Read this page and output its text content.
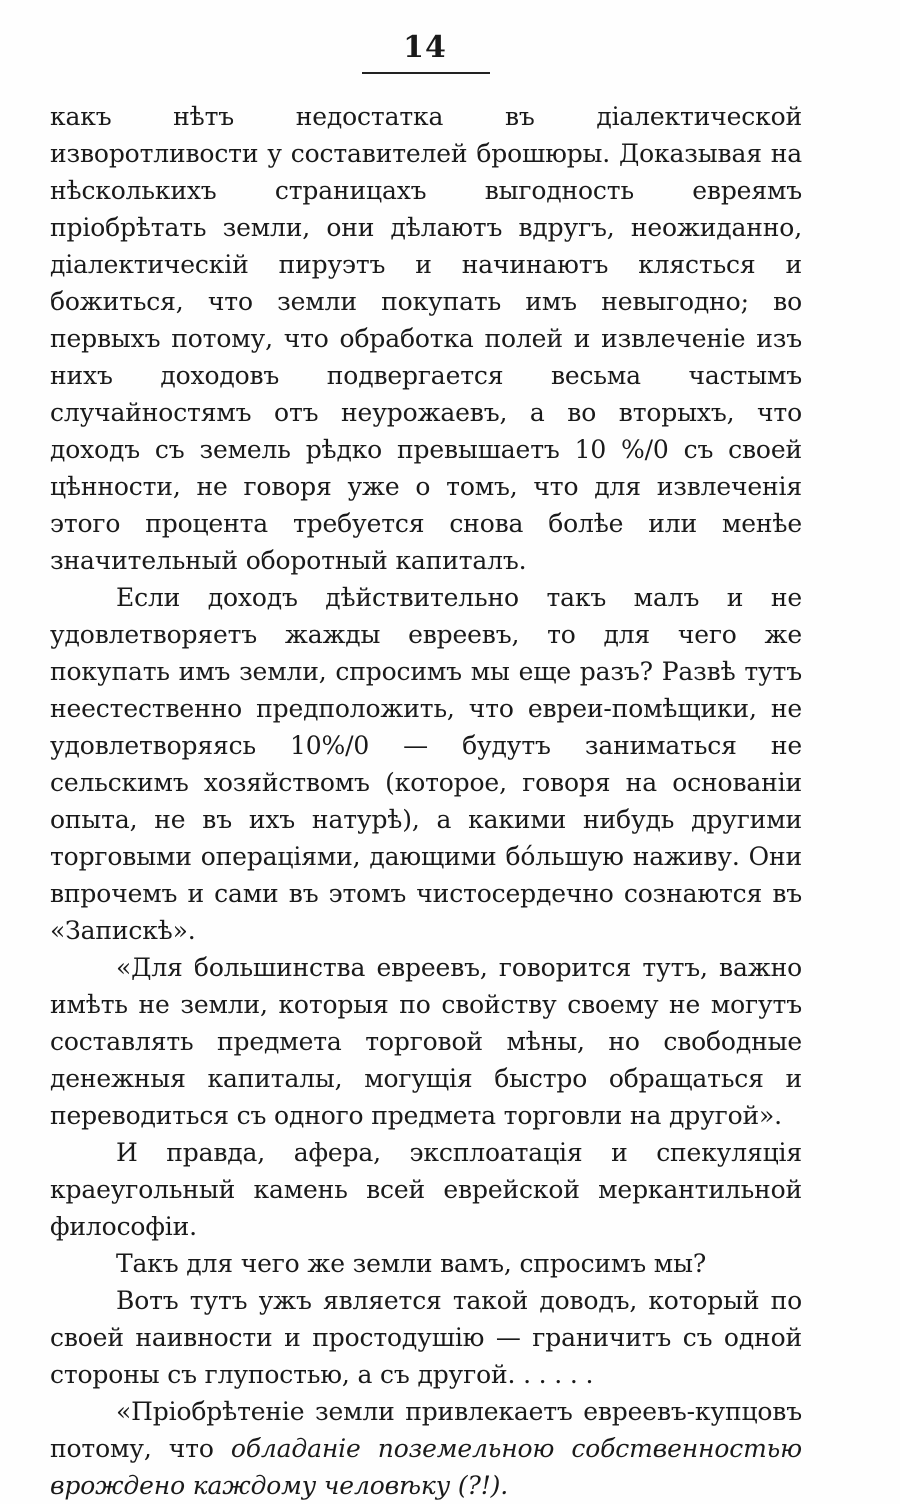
14

какъ нѣтъ недостатка въ діалектической изворотливости у составителей брошюры. Доказывая на нѣсколькихъ страницахъ выгодность евреямъ пріобрѣтать земли, они дѣлаютъ вдругъ, неожиданно, діалектическій пируэтъ и начинаютъ клясться и божиться, что земли покупать имъ невыгодно; во первыхъ потому, что обработка полей и извлеченіе изъ нихъ доходовъ подвергается весьма частымъ случайностямъ отъ неурожаевъ, а во вторыхъ, что доходъ съ земель рѣдко превышаетъ 10 %/0 съ своей цѣнности, не говоря уже о томъ, что для извлеченія этого процента требуется снова болѣе или менѣе значительный оборотный капиталъ.

Если доходъ дѣйствительно такъ малъ и не удовлетворяетъ жажды евреевъ, то для чего же покупать имъ земли, спросимъ мы еще разъ? Развѣ тутъ неестественно предположить, что евреи-помѣщики, не удовлетворяясь 10%/0 — будутъ заниматься не сельскимъ хозяйствомъ (которое, говоря на основаніи опыта, не въ ихъ натурѣ), а какими нибудь другими торговыми операціями, дающими бо́льшую наживу. Они впрочемъ и сами въ этомъ чистосердечно сознаются въ «Запискѣ».

«Для большинства евреевъ, говорится тутъ, важно имѣть не земли, которыя по свойству своему не могутъ составлять предмета торговой мѣны, но свободные денежныя капиталы, могущія быстро обращаться и переводиться съ одного предмета торговли на другой».

И правда, афера, эксплоатація и спекуляція краеугольный камень всей еврейской меркантильной философіи.

Такъ для чего же земли вамъ, спросимъ мы?

Вотъ тутъ ужъ является такой доводъ, который по своей наивности и простодушію — граничитъ съ одной стороны съ глупостью, а съ другой. . . . . .

«Пріобрѣтеніе земли привлекаетъ евреевъ-купцовъ потому, что обладаніе поземельною собственностью врождено каждому человѣку (?!).
